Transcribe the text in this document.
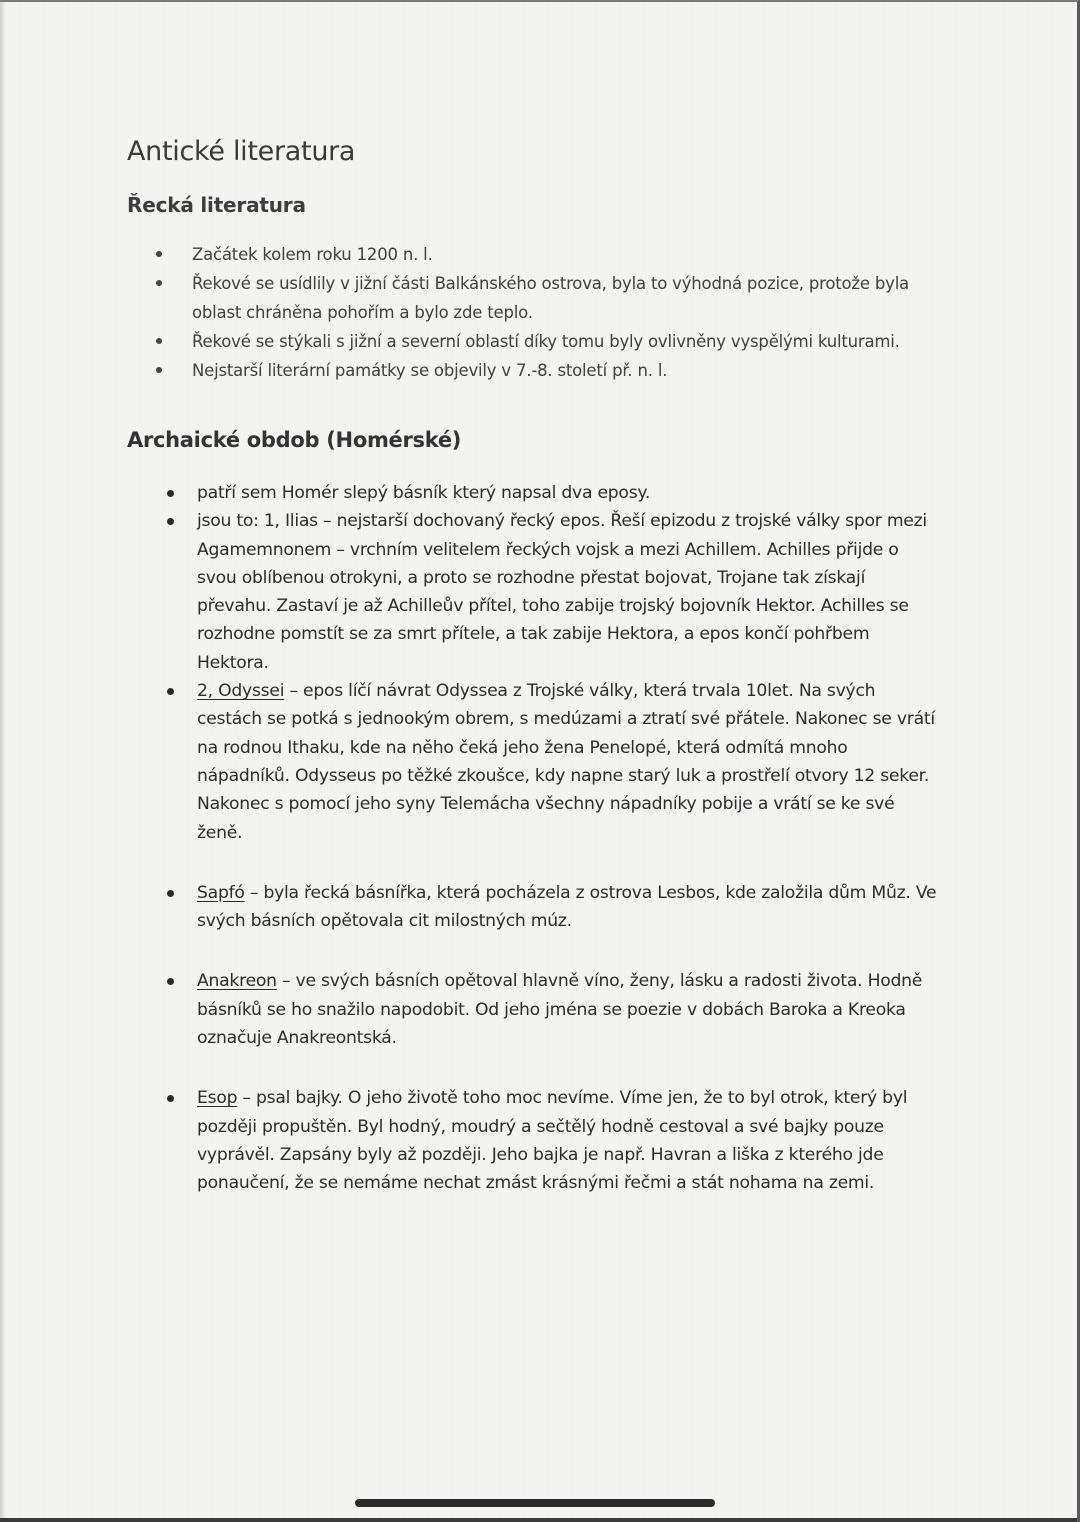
Antické literatura
Řecká literatura
Začátek kolem roku 1200 n. l.
Řekové se usídlily v jižní části Balkánského ostrova, byla to výhodná pozice, protože byla oblast chráněna pohořím a bylo zde teplo.
Řekové se stýkali s jižní a severní oblastí díky tomu byly ovlivněny vyspělými kulturami.
Nejstarší literární památky se objevily v 7.-8. století př. n. l.
Archaické obdob (Homérské)
patří sem Homér slepý básník který napsal dva eposy.
jsou to: 1, Ilias – nejstarší dochovaný řecký epos. Řeší epizodu z trojské války spor mezi Agamemnonem – vrchním velitelem řeckých vojsk a mezi Achillem. Achilles přijde o svou oblíbenou otrokyni, a proto se rozhodne přestat bojovat, Trojane tak získají převahu. Zastaví je až Achilleův přítel, toho zabije trojský bojovník Hektor. Achilles se rozhodne pomstít se za smrt přítele, a tak zabije Hektora, a epos končí pohřbem Hektora.
2, Odyssei – epos líčí návrat Odyssea z Trojské války, která trvala 10let. Na svých cestách se potká s jednookým obrem, s medúzami a ztratí své přátele. Nakonec se vrátí na rodnou Ithaku, kde na něho čeká jeho žena Penelopé, která odmítá mnoho nápadníků. Odysseus po těžké zkoušce, kdy napne starý luk a prostřelí otvory 12 seker. Nakonec s pomocí jeho syny Telemácha všechny nápadníky pobije a vrátí se ke své ženě.
Sapfó – byla řecká básnířka, která pocházela z ostrova Lesbos, kde založila dům Můz. Ve svých básních opětovala cit milostných múz.
Anakreon – ve svých básních opětoval hlavně víno, ženy, lásku a radosti života. Hodně básníků se ho snažilo napodobit. Od jeho jména se poezie v dobách Baroka a Kreoka označuje Anakreontská.
Esop – psal bajky. O jeho životě toho moc nevíme. Víme jen, že to byl otrok, který byl později propuštěn. Byl hodný, moudrý a sečtělý hodně cestoval a své bajky pouze vyprávěl. Zapsány byly až později. Jeho bajka je např. Havran a liška z kterého jde ponaučení, že se nemáme nechat zmást krásnými řečmi a stát nohama na zemi.
